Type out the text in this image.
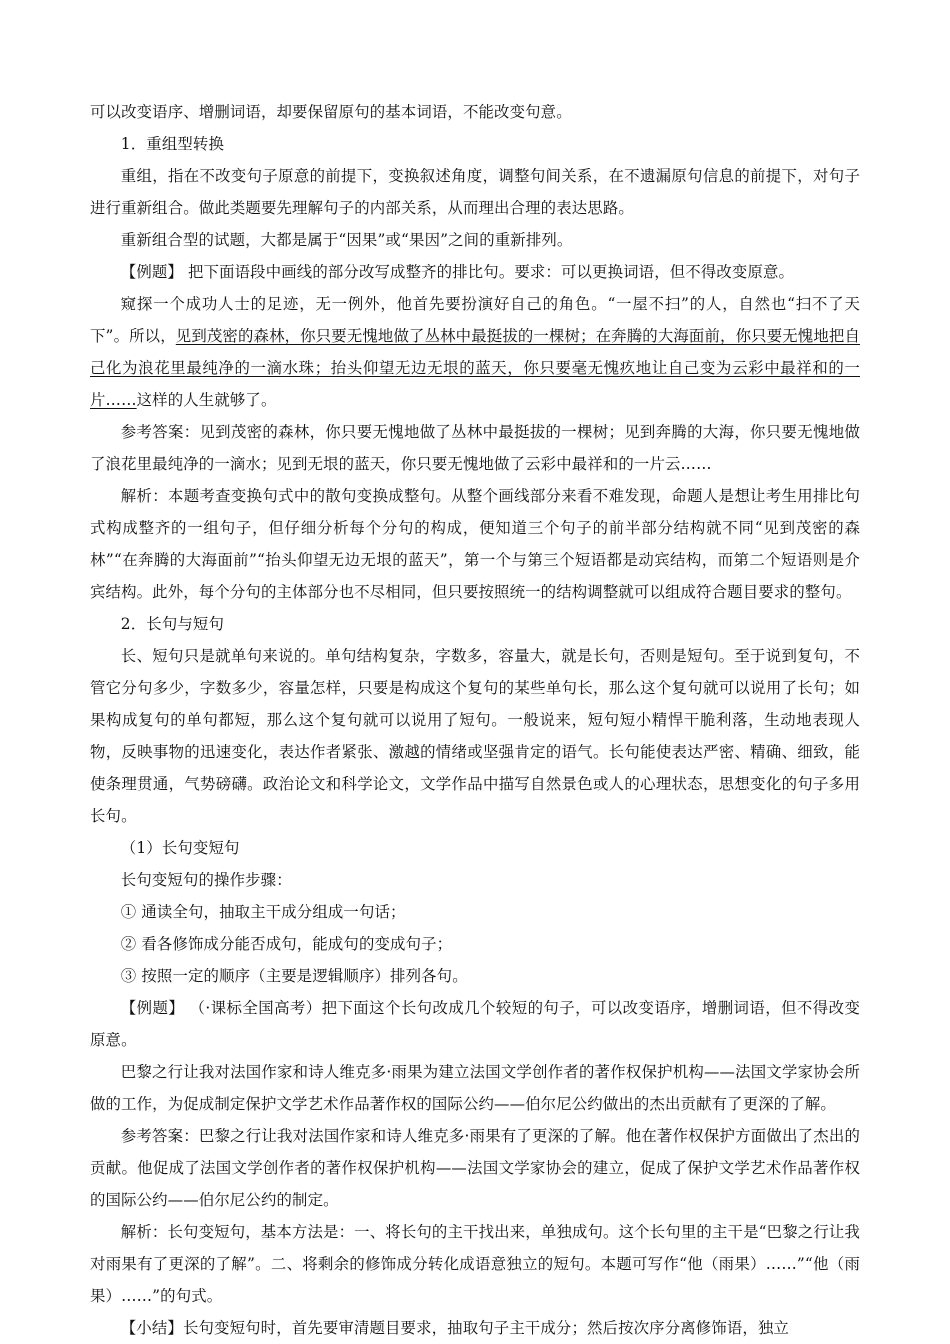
可以改变语序、增删词语，却要保留原句的基本词语，不能改变句意。

1．重组型转换

重组，指在不改变句子原意的前提下，变换叙述角度，调整句间关系，在不遗漏原句信息的前提下，对句子进行重新组合。做此类题要先理解句子的内部关系，从而理出合理的表达思路。

重新组合型的试题，大都是属于“因果”或“果因”之间的重新排列。

【例题】 把下面语段中画线的部分改写成整齐的排比句。要求：可以更换词语，但不得改变原意。

窥探一个成功人士的足迹，无一例外，他首先要扮演好自己的角色。“一屋不扫”的人，自然也“扫不了天下”。所以，见到茂密的森林，你只要无愧地做了丛林中最挺拔的一棵树；在奔腾的大海面前，你只要无愧地把自己化为浪花里最纯净的一滴水珠；抬头仰望无边无垠的蓝天，你只要毫无愧疚地让自己变为云彩中最祥和的一片……这样的人生就够了。

参考答案：见到茂密的森林，你只要无愧地做了丛林中最挺拔的一棵树；见到奔腾的大海，你只要无愧地做了浪花里最纯净的一滴水；见到无垠的蓝天，你只要无愧地做了云彩中最祥和的一片云……

解析：本题考查变换句式中的散句变换成整句。从整个画线部分来看不难发现，命题人是想让考生用排比句式构成整齐的一组句子，但仔细分析每个分句的构成，便知道三个句子的前半部分结构就不同“见到茂密的森林”“在奔腾的大海面前”“抬头仰望无边无垠的蓝天”，第一个与第三个短语都是动宾结构，而第二个短语则是介宾结构。此外，每个分句的主体部分也不尽相同，但只要按照统一的结构调整就可以组成符合题目要求的整句。

2．长句与短句

长、短句只是就单句来说的。单句结构复杂，字数多，容量大，就是长句，否则是短句。至于说到复句，不管它分句多少，字数多少，容量怎样，只要是构成这个复句的某些单句长，那么这个复句就可以说用了长句；如果构成复句的单句都短，那么这个复句就可以说用了短句。一般说来，短句短小精悍干脆利落，生动地表现人物，反映事物的迅速变化，表达作者紧张、激越的情绪或坚强肯定的语气。长句能使表达严密、精确、细致，能使条理贯通，气势磅礴。政治论文和科学论文，文学作品中描写自然景色或人的心理状态，思想变化的句子多用长句。

（1）长句变短句

长句变短句的操作步骤：

① 通读全句，抽取主干成分组成一句话；

② 看各修饰成分能否成句，能成句的变成句子；

③ 按照一定的顺序（主要是逻辑顺序）排列各句。

【例题】 （·课标全国高考）把下面这个长句改成几个较短的句子，可以改变语序，增删词语，但不得改变原意。

巴黎之行让我对法国作家和诗人维克多·雨果为建立法国文学创作者的著作权保护机构——法国文学家协会所做的工作，为促成制定保护文学艺术作品著作权的国际公约——伯尔尼公约做出的杰出贡献有了更深的了解。

参考答案：巴黎之行让我对法国作家和诗人维克多·雨果有了更深的了解。他在著作权保护方面做出了杰出的贡献。他促成了法国文学创作者的著作权保护机构——法国文学家协会的建立，促成了保护文学艺术作品著作权的国际公约——伯尔尼公约的制定。

解析：长句变短句，基本方法是：一、将长句的主干找出来，单独成句。这个长句里的主干是“巴黎之行让我对雨果有了更深的了解”。二、将剩余的修饰成分转化成语意独立的短句。本题可写作“他（雨果）……”“他（雨果）……”的句式。

【小结】长句变短句时，首先要审清题目要求，抽取句子主干成分；然后按次序分离修饰语，独立
